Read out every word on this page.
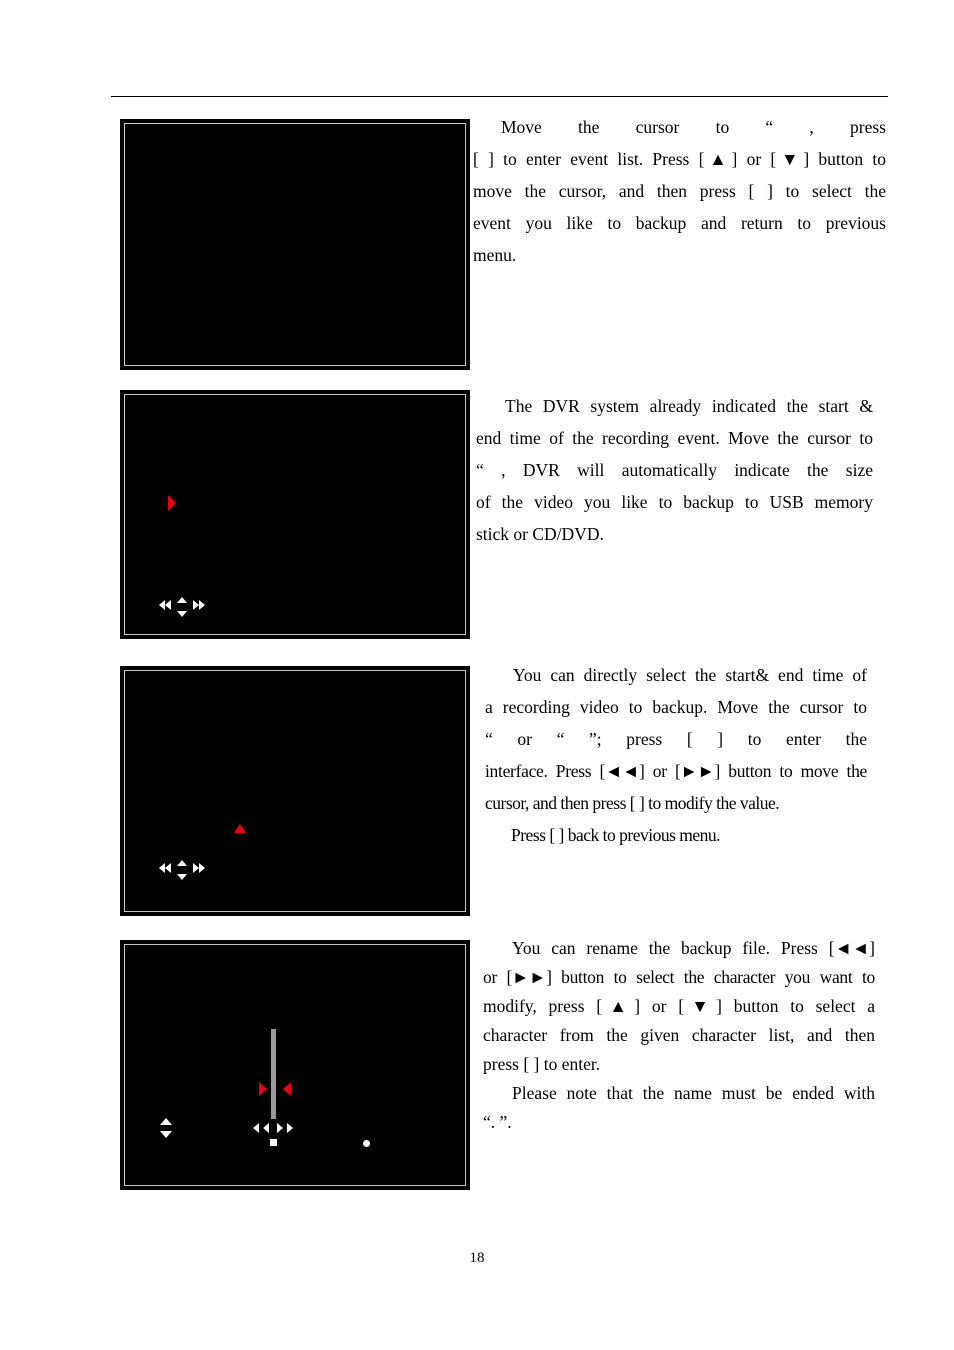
Move the cursor to “ , press
[ ] to enter event list. Press [▲] or [▼] button to
move the cursor, and then press [ ] to select the
event you like to backup and return to previous
menu.
The DVR system already indicated the start &
end time of the recording event. Move the cursor to
“ , DVR will automatically indicate the size
of the video you like to backup to USB memory
stick or CD/DVD.
You can directly select the start& end time of
a recording video to backup. Move the cursor to
“ or “ ”; press [ ] to enter the
interface. Press [◄◄] or [►►] button to move the
cursor, and then press [ ] to modify the value.
Press [ ] back to previous menu.
You can rename the backup file. Press [◄◄]
or [►►] button to select the character you want to
modify, press [▲] or [▼] button to select a
character from the given character list, and then
press [ ] to enter.
Please note that the name must be ended with
“. ”.
18
